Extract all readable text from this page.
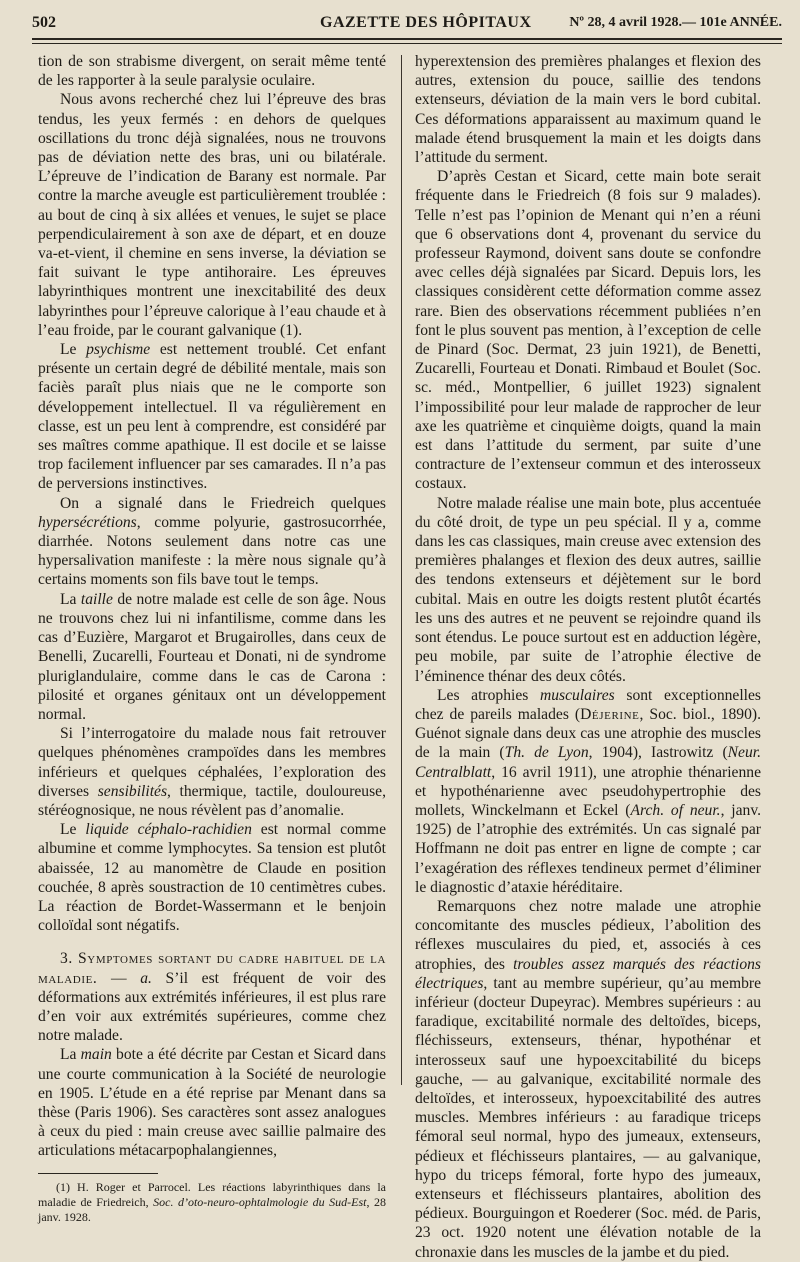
502	GAZETTE DES HÔPITAUX	Nº 28, 4 avril 1928.— 101e ANNÉE.

tion de son strabisme divergent, on serait même tenté de les rapporter à la seule paralysie oculaire.

Nous avons recherché chez lui l’épreuve des bras tendus, les yeux fermés : en dehors de quelques oscillations du tronc déjà signalées, nous ne trouvons pas de déviation nette des bras, uni ou bilatérale. L’épreuve de l’indication de Barany est normale. Par contre la marche aveugle est particulièrement troublée : au bout de cinq à six allées et venues, le sujet se place perpendiculairement à son axe de départ, et en douze va-et-vient, il chemine en sens inverse, la déviation se fait suivant le type antihoraire. Les épreuves labyrinthiques montrent une inexcitabilité des deux labyrinthes pour l’épreuve calorique à l’eau chaude et à l’eau froide, par le courant galvanique (1).

Le psychisme est nettement troublé. Cet enfant présente un certain degré de débilité mentale, mais son faciès paraît plus niais que ne le comporte son développement intellectuel. Il va régulièrement en classe, est un peu lent à comprendre, est considéré par ses maîtres comme apathique. Il est docile et se laisse trop facilement influencer par ses camarades. Il n’a pas de perversions instinctives.

On a signalé dans le Friedreich quelques hypersécrétions, comme polyurie, gastrosucorrhée, diarrhée. Notons seulement dans notre cas une hypersalivation manifeste : la mère nous signale qu’à certains moments son fils bave tout le temps.

La taille de notre malade est celle de son âge. Nous ne trouvons chez lui ni infantilisme, comme dans les cas d’Euzière, Margarot et Brugairolles, dans ceux de Benelli, Zucarelli, Fourteau et Donati, ni de syndrome pluriglandulaire, comme dans le cas de Carona : pilosité et organes génitaux ont un développement normal.

Si l’interrogatoire du malade nous fait retrouver quelques phénomènes crampoïdes dans les membres inférieurs et quelques céphalées, l’exploration des diverses sensibilités, thermique, tactile, douloureuse, stéréognosique, ne nous révèlent pas d’anomalie.

Le liquide céphalo-rachidien est normal comme albumine et comme lymphocytes. Sa tension est plutôt abaissée, 12 au manomètre de Claude en position couchée, 8 après soustraction de 10 centimètres cubes. La réaction de Bordet-Wassermann et le benjoin colloïdal sont négatifs.

3. Symptomes sortant du cadre habituel de la maladie. — a. S’il est fréquent de voir des déformations aux extrémités inférieures, il est plus rare d’en voir aux extrémités supérieures, comme chez notre malade.

La main bote a été décrite par Cestan et Sicard dans une courte communication à la Société de neurologie en 1905. L’étude en a été reprise par Menant dans sa thèse (Paris 1906). Ses caractères sont assez analogues à ceux du pied : main creuse avec saillie palmaire des articulations métacarpophalangiennes,

(1) H. Roger et Parrocel. Les réactions labyrinthiques dans la maladie de Friedreich, Soc. d’oto-neuro-ophtalmologie du Sud-Est, 28 janv. 1928.

hyperextension des premières phalanges et flexion des autres, extension du pouce, saillie des tendons extenseurs, déviation de la main vers le bord cubital. Ces déformations apparaissent au maximum quand le malade étend brusquement la main et les doigts dans l’attitude du serment.

D’après Cestan et Sicard, cette main bote serait fréquente dans le Friedreich (8 fois sur 9 malades). Telle n’est pas l’opinion de Menant qui n’en a réuni que 6 observations dont 4, provenant du service du professeur Raymond, doivent sans doute se confondre avec celles déjà signalées par Sicard. Depuis lors, les classiques considèrent cette déformation comme assez rare. Bien des observations récemment publiées n’en font le plus souvent pas mention, à l’exception de celle de Pinard (Soc. Dermat, 23 juin 1921), de Benetti, Zucarelli, Fourteau et Donati. Rimbaud et Boulet (Soc. sc. méd., Montpellier, 6 juillet 1923) signalent l’impossibilité pour leur malade de rapprocher de leur axe les quatrième et cinquième doigts, quand la main est dans l’attitude du serment, par suite d’une contracture de l’extenseur commun et des interosseux costaux.

Notre malade réalise une main bote, plus accentuée du côté droit, de type un peu spécial. Il y a, comme dans les cas classiques, main creuse avec extension des premières phalanges et flexion des deux autres, saillie des tendons extenseurs et déjètement sur le bord cubital. Mais en outre les doigts restent plutôt écartés les uns des autres et ne peuvent se rejoindre quand ils sont étendus. Le pouce surtout est en adduction légère, peu mobile, par suite de l’atrophie élective de l’éminence thénar des deux côtés.

Les atrophies musculaires sont exceptionnelles chez de pareils malades (Déjerine, Soc. biol., 1890). Guénot signale dans deux cas une atrophie des muscles de la main (Th. de Lyon, 1904), Iastrowitz (Neur. Centralblatt, 16 avril 1911), une atrophie thénarienne et hypothénarienne avec pseudohypertrophie des mollets, Winckelmann et Eckel (Arch. of neur., janv. 1925) de l’atrophie des extrémités. Un cas signalé par Hoffmann ne doit pas entrer en ligne de compte ; car l’exagération des réflexes tendineux permet d’éliminer le diagnostic d’ataxie héréditaire.

Remarquons chez notre malade une atrophie concomitante des muscles pédieux, l’abolition des réflexes musculaires du pied, et, associés à ces atrophies, des troubles assez marqués des réactions électriques, tant au membre supérieur, qu’au membre inférieur (docteur Dupeyrac). Membres supérieurs : au faradique, excitabilité normale des deltoïdes, biceps, fléchisseurs, extenseurs, thénar, hypothénar et interosseux sauf une hypoexcitabilité du biceps gauche, — au galvanique, excitabilité normale des deltoïdes, et interosseux, hypoexcitabilité des autres muscles. Membres inférieurs : au faradique triceps fémoral seul normal, hypo des jumeaux, extenseurs, pédieux et fléchisseurs plantaires, — au galvanique, hypo du triceps fémoral, forte hypo des jumeaux, extenseurs et fléchisseurs plantaires, abolition des pédieux. Bourguingon et Roederer (Soc. méd. de Paris, 23 oct. 1920 notent une élévation notable de la chronaxie dans les muscles de la jambe et du pied.
